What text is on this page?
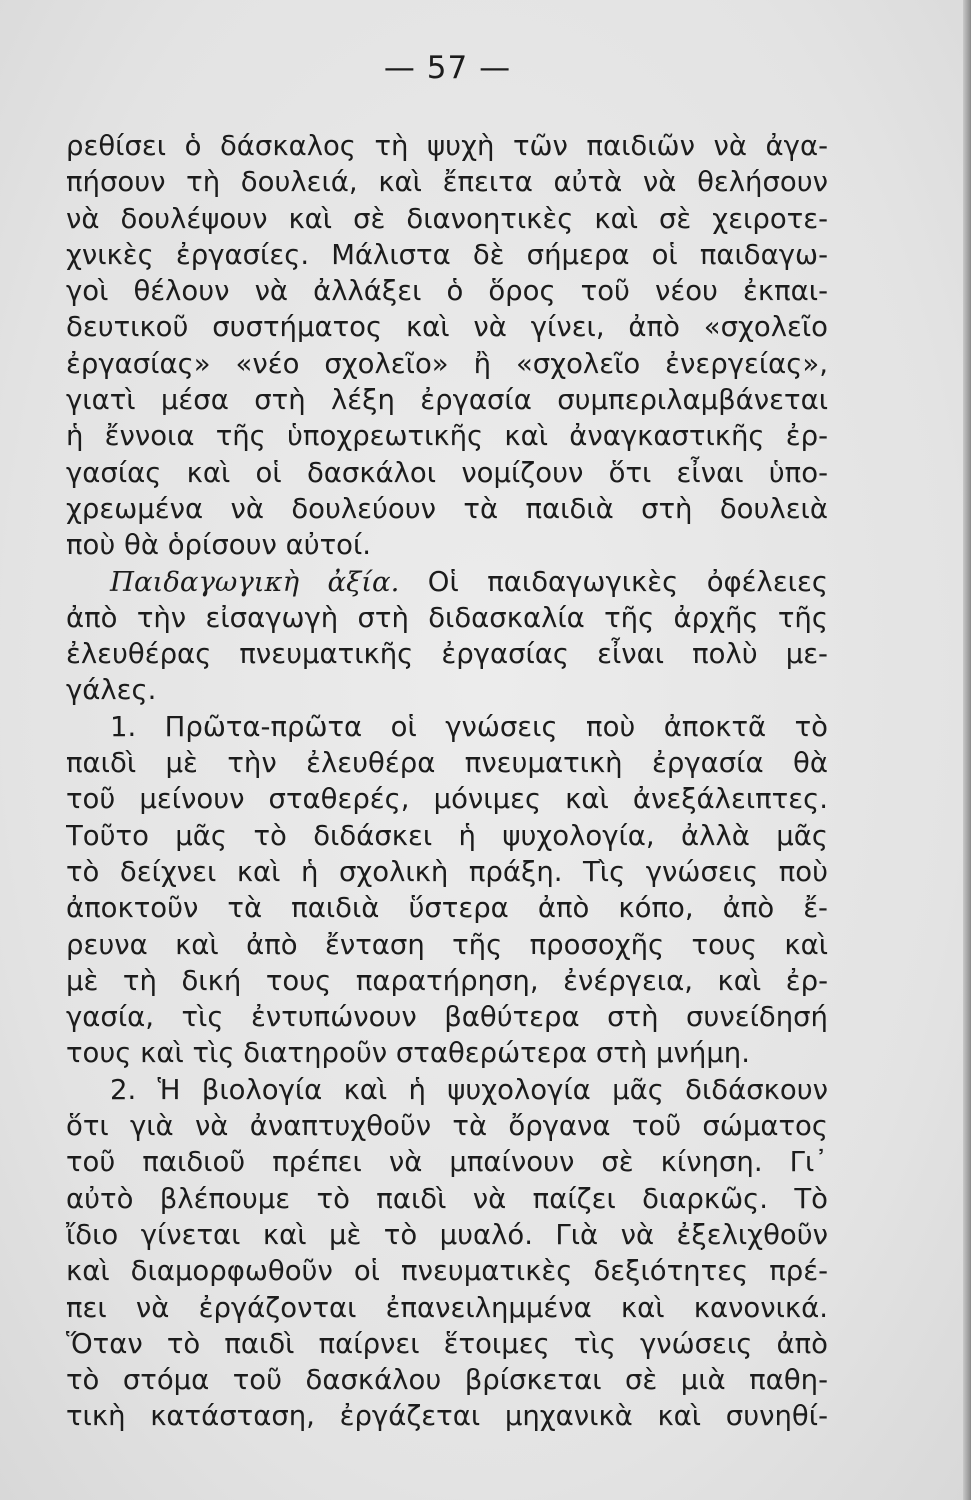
— 57 —
ρεθίσει ὁ δάσκαλος τὴ ψυχὴ τῶν παιδιῶν νὰ ἀγα-
πήσουν τὴ δουλειά, καὶ ἔπειτα αὐτὰ νὰ θελήσουν
νὰ δουλέψουν καὶ σὲ διανοητικὲς καὶ σὲ χειροτε-
χνικὲς ἐργασίες. Μάλιστα δὲ σήμερα οἱ παιδαγω-
γοὶ θέλουν νὰ ἀλλάξει ὁ ὅρος τοῦ νέου ἐκπαι-
δευτικοῦ συστήματος καὶ νὰ γίνει, ἀπὸ «σχολεῖο
ἐργασίας» «νέο σχολεῖο» ἢ «σχολεῖο ἐνεργείας»,
γιατὶ μέσα στὴ λέξη ἐργασία συμπεριλαμβάνεται
ἡ ἔννοια τῆς ὑποχρεωτικῆς καὶ ἀναγκαστικῆς ἐρ-
γασίας καὶ οἱ δασκάλοι νομίζουν ὅτι εἶναι ὑπο-
χρεωμένα νὰ δουλεύουν τὰ παιδιὰ στὴ δουλειὰ
ποὺ θὰ ὁρίσουν αὐτοί.
Παιδαγωγικὴ ἀξία. Οἱ παιδαγωγικὲς ὀφέλειες
ἀπὸ τὴν εἰσαγωγὴ στὴ διδασκαλία τῆς ἀρχῆς τῆς
ἐλευθέρας πνευματικῆς ἐργασίας εἶναι πολὺ με-
γάλες.
1. Πρῶτα-πρῶτα οἱ γνώσεις ποὺ ἀποκτᾶ τὸ
παιδὶ μὲ τὴν ἐλευθέρα πνευματικὴ ἐργασία θὰ
τοῦ μείνουν σταθερές, μόνιμες καὶ ἀνεξάλειπτες.
Τοῦτο μᾶς τὸ διδάσκει ἡ ψυχολογία, ἀλλὰ μᾶς
τὸ δείχνει καὶ ἡ σχολικὴ πράξη. Τὶς γνώσεις ποὺ
ἀποκτοῦν τὰ παιδιὰ ὕστερα ἀπὸ κόπο, ἀπὸ ἔ-
ρευνα καὶ ἀπὸ ἔνταση τῆς προσοχῆς τους καὶ
μὲ τὴ δική τους παρατήρηση, ἐνέργεια, καὶ ἐρ-
γασία, τὶς ἐντυπώνουν βαθύτερα στὴ συνείδησή
τους καὶ τὶς διατηροῦν σταθερώτερα στὴ μνήμη.
2. Ἡ βιολογία καὶ ἡ ψυχολογία μᾶς διδάσκουν
ὅτι γιὰ νὰ ἀναπτυχθοῦν τὰ ὄργανα τοῦ σώματος
τοῦ παιδιοῦ πρέπει νὰ μπαίνουν σὲ κίνηση. Γι᾿
αὐτὸ βλέπουμε τὸ παιδὶ νὰ παίζει διαρκῶς. Τὸ
ἴδιο γίνεται καὶ μὲ τὸ μυαλό. Γιὰ νὰ ἐξελιχθοῦν
καὶ διαμορφωθοῦν οἱ πνευματικὲς δεξιότητες πρέ-
πει νὰ ἐργάζονται ἐπανειλημμένα καὶ κανονικά.
Ὅταν τὸ παιδὶ παίρνει ἕτοιμες τὶς γνώσεις ἀπὸ
τὸ στόμα τοῦ δασκάλου βρίσκεται σὲ μιὰ παθη-
τικὴ κατάσταση, ἐργάζεται μηχανικὰ καὶ συνηθί-
